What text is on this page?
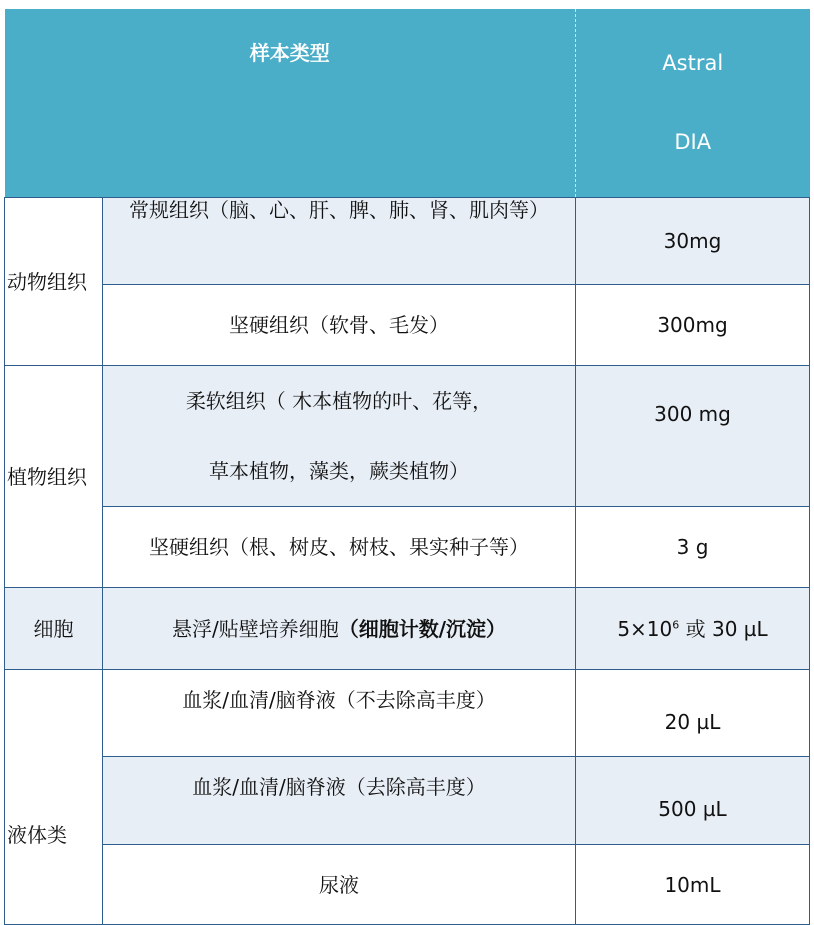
样本类型		Astral
DIA

动物组织	常规组织（脑、心、肝、脾、肺、肾、肌肉等）	30mg
	坚硬组织（软骨、毛发）	300mg
植物组织	柔软组织（ 木本植物的叶、花等，
草本植物，藻类，蕨类植物）	300 mg
	坚硬组织（根、树皮、树枝、果实种子等）	3 g
细胞	悬浮/贴壁培养细胞（细胞计数/沉淀）	$5\times 10^6$ 或 30 µL
液体类	血浆/血清/脑脊液（不去除高丰度）	20 µL
	血浆/血清/脑脊液（去除高丰度）	500 µL
	尿液	10mL
